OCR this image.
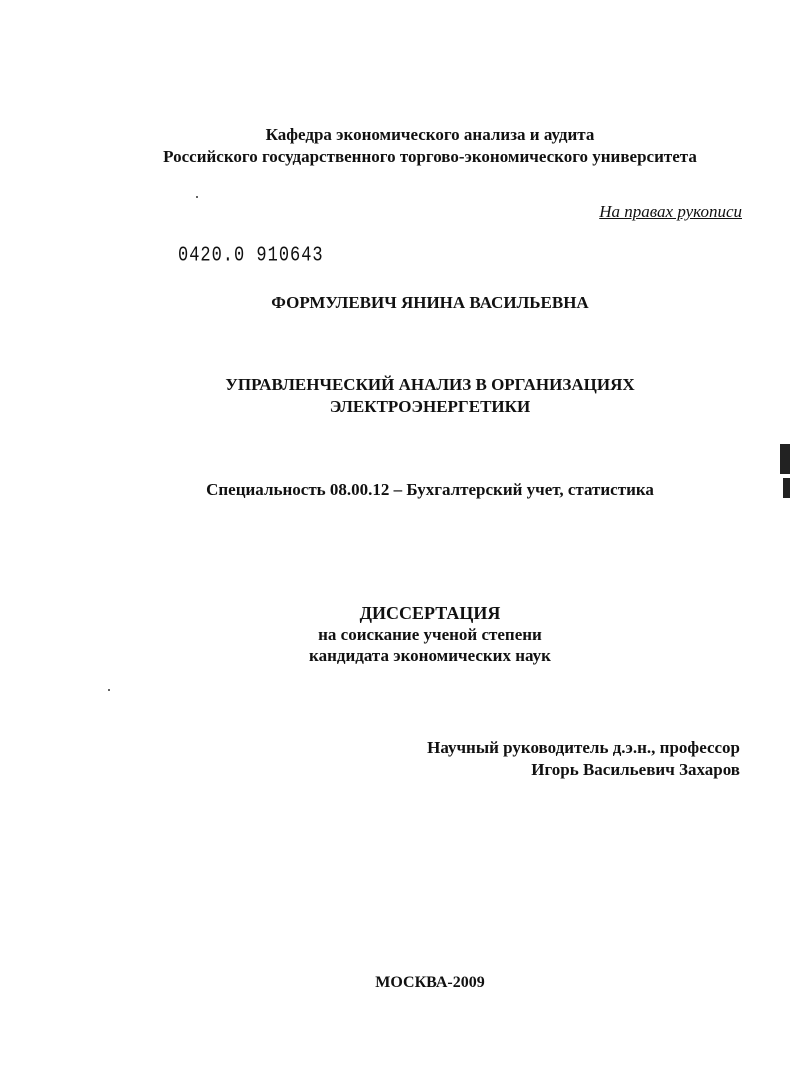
Кафедра экономического анализа и аудита
Российского государственного торгово-экономического университета
На правах рукописи
0420.0 910643
ФОРМУЛЕВИЧ ЯНИНА ВАСИЛЬЕВНА
УПРАВЛЕНЧЕСКИЙ АНАЛИЗ В ОРГАНИЗАЦИЯХ
ЭЛЕКТРОЭНЕРГЕТИКИ
Специальность 08.00.12 – Бухгалтерский учет, статистика
ДИССЕРТАЦИЯ
на соискание ученой степени
кандидата экономических наук
Научный руководитель д.э.н., профессор
Игорь Васильевич Захаров
МОСКВА-2009
